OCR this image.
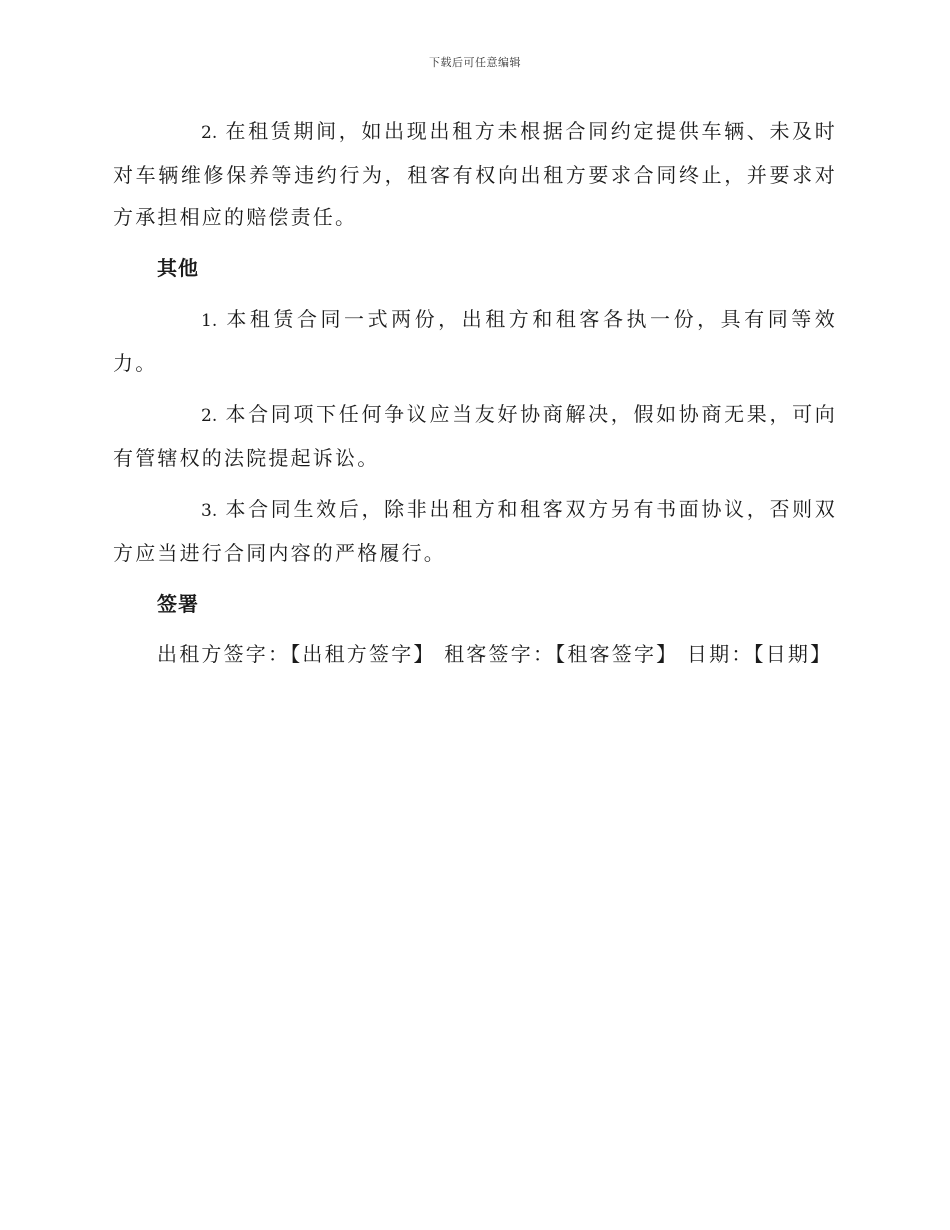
下载后可任意编辑

2. 在租赁期间，如出现出租方未根据合同约定提供车辆、未及时对车辆维修保养等违约行为，租客有权向出租方要求合同终止，并要求对方承担相应的赔偿责任。

其他

1. 本租赁合同一式两份，出租方和租客各执一份，具有同等效力。

2. 本合同项下任何争议应当友好协商解决，假如协商无果，可向有管辖权的法院提起诉讼。

3. 本合同生效后，除非出租方和租客双方另有书面协议，否则双方应当进行合同内容的严格履行。

签署
出租方签字：【出租方签字】 租客签字：【租客签字】 日期：【日期】
